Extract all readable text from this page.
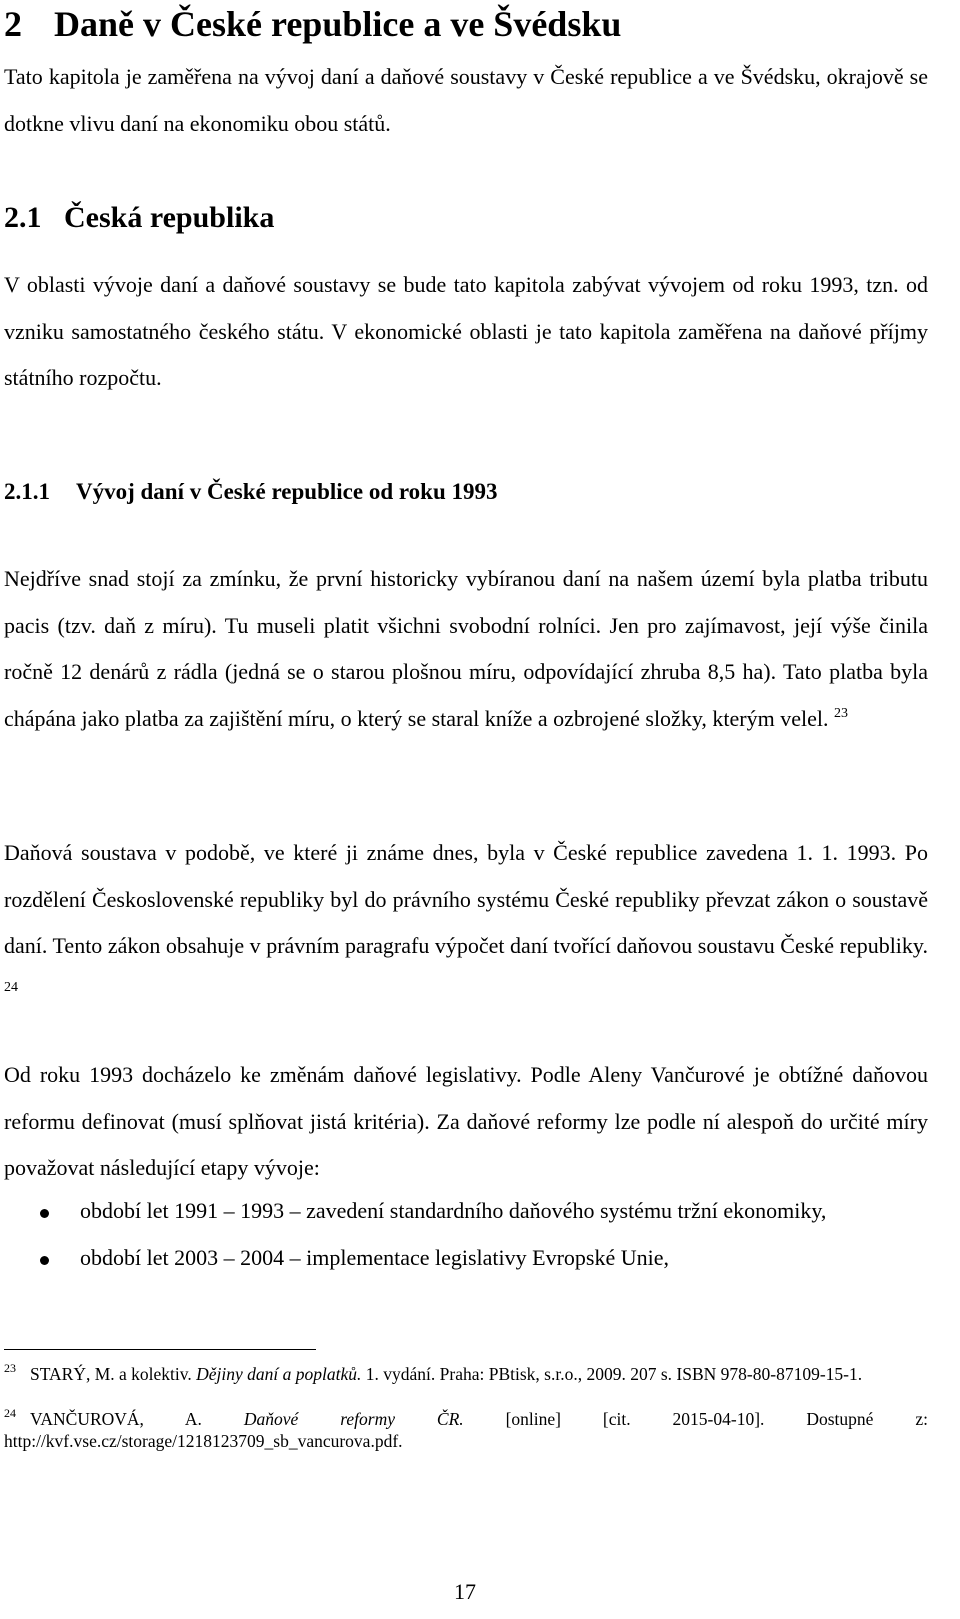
2 Daně v České republice a ve Švédsku

Tato kapitola je zaměřena na vývoj daní a daňové soustavy v České republice a ve Švédsku, okrajově se dotkne vlivu daní na ekonomiku obou států.

2.1 Česká republika

V oblasti vývoje daní a daňové soustavy se bude tato kapitola zabývat vývojem od roku 1993, tzn. od vzniku samostatného českého státu. V ekonomické oblasti je tato kapitola zaměřena na daňové příjmy státního rozpočtu.

2.1.1 Vývoj daní v České republice od roku 1993

Nejdříve snad stojí za zmínku, že první historicky vybíranou daní na našem území byla platba tributu pacis (tzv. daň z míru). Tu museli platit všichni svobodní rolníci. Jen pro zajímavost, její výše činila ročně 12 denárů z rádla (jedná se o starou plošnou míru, odpovídající zhruba 8,5 ha). Tato platba byla chápána jako platba za zajištění míru, o který se staral kníže a ozbrojené složky, kterým velel. $^{23}$

Daňová soustava v podobě, ve které ji známe dnes, byla v České republice zavedena 1. 1. 1993. Po rozdělení Československé republiky byl do právního systému České republiky převzat zákon o soustavě daní. Tento zákon obsahuje v právním paragrafu výpočet daní tvořící daňovou soustavu České republiky. $^{24}$

Od roku 1993 docházelo ke změnám daňové legislativy. Podle Aleny Vančurové je obtížné daňovou reformu definovat (musí splňovat jistá kritéria). Za daňové reformy lze podle ní alespoň do určité míry považovat následující etapy vývoje:

období let 1991 – 1993 – zavedení standardního daňového systému tržní ekonomiky,
období let 2003 – 2004 – implementace legislativy Evropské Unie,

$^{23}$ STARÝ, M. a kolektiv. Dějiny daní a poplatků. 1. vydání. Praha: PBtisk, s.r.o., 2009. 207 s. ISBN 978-80-87109-15-1.

$^{24}$ VANČUROVÁ, A. Daňové reformy ČR. [online] [cit. 2015-04-10]. Dostupné z: http://kvf.vse.cz/storage/1218123709_sb_vancurova.pdf.

17
